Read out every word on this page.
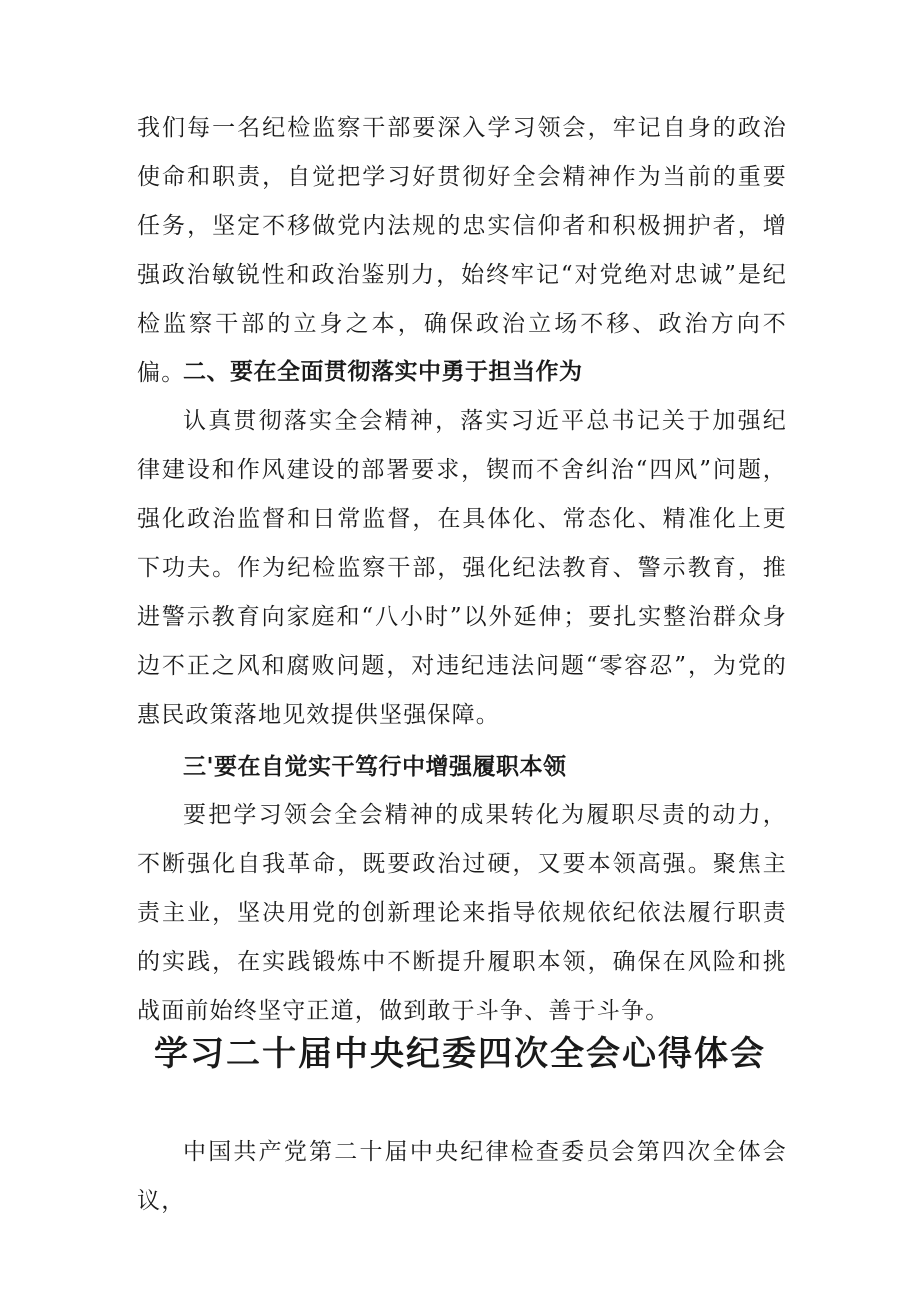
我们每一名纪检监察干部要深入学习领会，牢记自身的政治使命和职责，自觉把学习好贯彻好全会精神作为当前的重要任务，坚定不移做党内法规的忠实信仰者和积极拥护者，增强政治敏锐性和政治鉴别力，始终牢记“对党绝对忠诚”是纪检监察干部的立身之本，确保政治立场不移、政治方向不偏。

二、要在全面贯彻落实中勇于担当作为

认真贯彻落实全会精神，落实习近平总书记关于加强纪律建设和作风建设的部署要求，锲而不舍纠治“四风”问题，强化政治监督和日常监督，在具体化、常态化、精准化上更下功夫。作为纪检监察干部，强化纪法教育、警示教育，推进警示教育向家庭和“八小时”以外延伸；要扎实整治群众身边不正之风和腐败问题，对违纪违法问题“零容忍”，为党的惠民政策落地见效提供坚强保障。

三'要在自觉实干笃行中增强履职本领

要把学习领会全会精神的成果转化为履职尽责的动力，不断强化自我革命，既要政治过硬，又要本领高强。聚焦主责主业，坚决用党的创新理论来指导依规依纪依法履行职责的实践，在实践锻炼中不断提升履职本领，确保在风险和挑战面前始终坚守正道，做到敢于斗争、善于斗争。

学习二十届中央纪委四次全会心得体会

中国共产党第二十届中央纪律检查委员会第四次全体会议，
